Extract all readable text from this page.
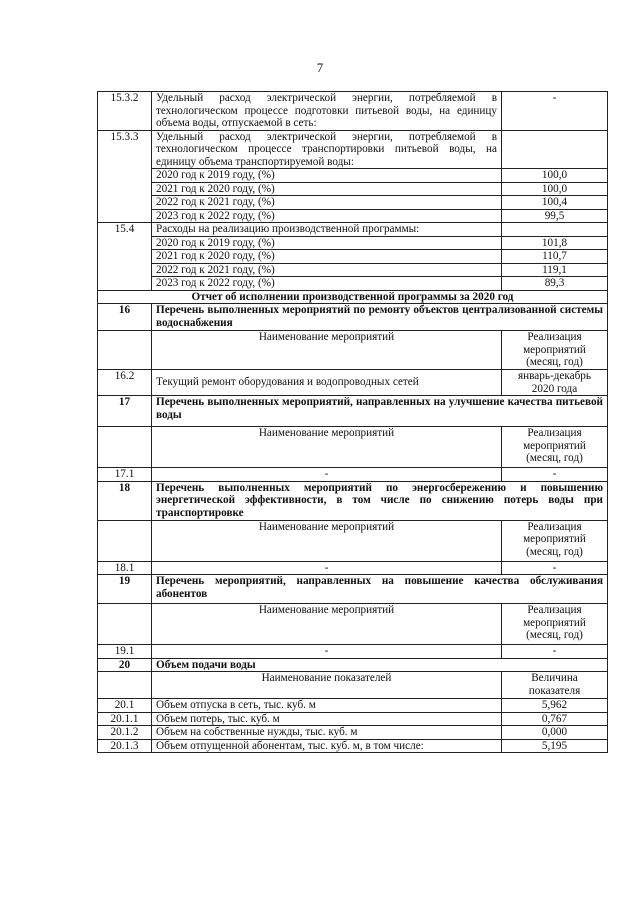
7
15.3.2	Удельный расход электрической энергии, потребляемой в технологическом процессе подготовки питьевой воды, на единицу объема воды, отпускаемой в сеть:	-
15.3.3	Удельный расход электрической энергии, потребляемой в технологическом процессе транспортировки питьевой воды, на единицу объема транспортируемой воды:	
	2020 год к 2019 году, (%)	100,0
	2021 год к 2020 году, (%)	100,0
	2022 год к 2021 году, (%)	100,4
	2023 год к 2022 году, (%)	99,5
15.4	Расходы на реализацию производственной программы:	
	2020 год к 2019 году, (%)	101,8
	2021 год к 2020 году, (%)	110,7
	2022 год к 2021 году, (%)	119,1
	2023 год к 2022 году, (%)	89,3
Отчет об исполнении производственной программы за 2020 год		
16	Перечень выполненных мероприятий по ремонту объектов централизованной системы водоснабжения	
	Наименование мероприятий	Реализация мероприятий (месяц, год)
16.2	Текущий ремонт оборудования и водопроводных сетей	январь-декабрь 2020 года
17	Перечень выполненных мероприятий, направленных на улучшение качества питьевой воды	
	Наименование мероприятий	Реализация мероприятий (месяц, год)
17.1	-	-
18	Перечень выполненных мероприятий по энергосбережению и повышению энергетической эффективности, в том числе по снижению потерь воды при транспортировке	
	Наименование мероприятий	Реализация мероприятий (месяц, год)
18.1	-	-
19	Перечень мероприятий, направленных на повышение качества обслуживания абонентов	
	Наименование мероприятий	Реализация мероприятий (месяц, год)
19.1	-	-
20	Объем подачи воды	
	Наименование показателей	Величина показателя
20.1	Объем отпуска в сеть, тыс. куб. м	5,962
20.1.1	Объем потерь, тыс. куб. м	0,767
20.1.2	Объем на собственные нужды, тыс. куб. м	0,000
20.1.3	Объем отпущенной абонентам, тыс. куб. м, в том числе:	5,195
